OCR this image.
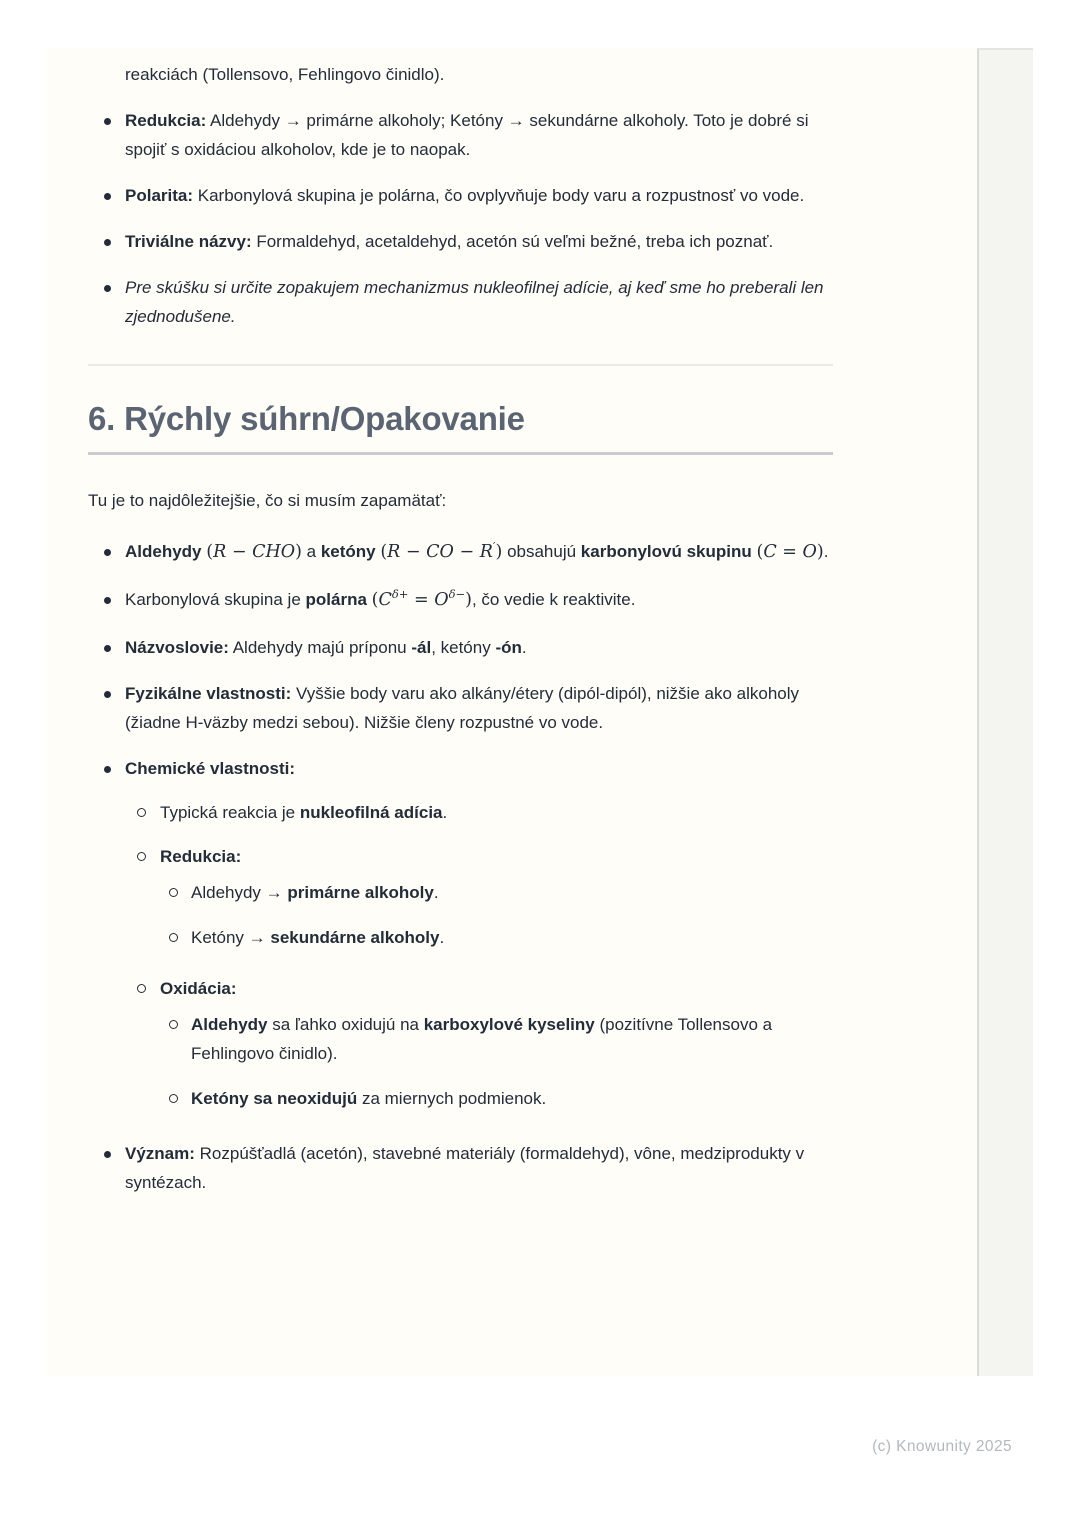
reakciách (Tollensovo, Fehlingovo činidlo).
Redukcia: Aldehydy → primárne alkoholy; Ketóny → sekundárne alkoholy. Toto je dobré si spojiť s oxidáciou alkoholov, kde je to naopak.
Polarita: Karbonylová skupina je polárna, čo ovplyvňuje body varu a rozpustnosť vo vode.
Triviálne názvy: Formaldehyd, acetaldehyd, acetón sú veľmi bežné, treba ich poznať.
Pre skúšku si určite zopakujem mechanizmus nukleofilnej adície, aj keď sme ho preberali len zjednodušene.
6. Rýchly súhrn/Opakovanie
Tu je to najdôležitejšie, čo si musím zapamätať:
Aldehydy (R − CHO) a ketóny (R − CO − R′) obsahujú karbonylovú skupinu (C = O).
Karbonylová skupina je polárna $(C^{\delta+} = O^{\delta-})$, čo vedie k reaktivite.
Názvoslovie: Aldehydy majú príponu -ál, ketóny -ón.
Fyzikálne vlastnosti: Vyššie body varu ako alkány/étery (dipól-dipól), nižšie ako alkoholy (žiadne H-väzby medzi sebou). Nižšie členy rozpustné vo vode.
Chemické vlastnosti:
Typická reakcia je nukleofilná adícia.
Redukcia:
Aldehydy → primárne alkoholy.
Ketóny → sekundárne alkoholy.
Oxidácia:
Aldehydy sa ľahko oxidujú na karboxylové kyseliny (pozitívne Tollensovo a Fehlingovo činidlo).
Ketóny sa neoxidujú za miernych podmienok.
Význam: Rozpúšťadlá (acetón), stavebné materiály (formaldehyd), vône, medziprodukty v syntézach.
(c) Knowunity 2025
